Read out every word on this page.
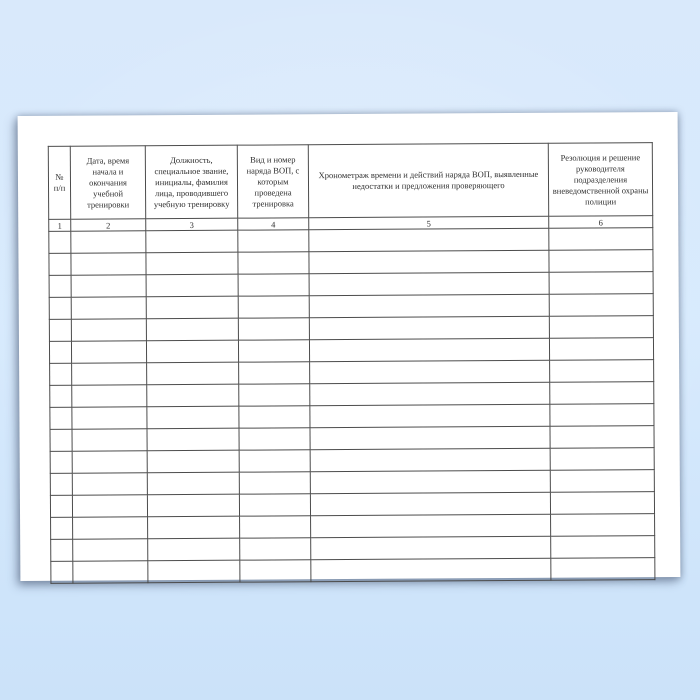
№ п/п	Дата, время начала и окончания учебной тренировки	Должность, специальное звание, инициалы, фамилия лица, проводившего учебную тренировку	Вид и номер наряда ВОП, с которым проведена тренировка	Хронометраж времени и действий наряда ВОП, выявленные недостатки и предложения проверяющего	Резолюция и решение руководителя подразделения вневедомственной охраны полиции
1	2	3	4	5	6
